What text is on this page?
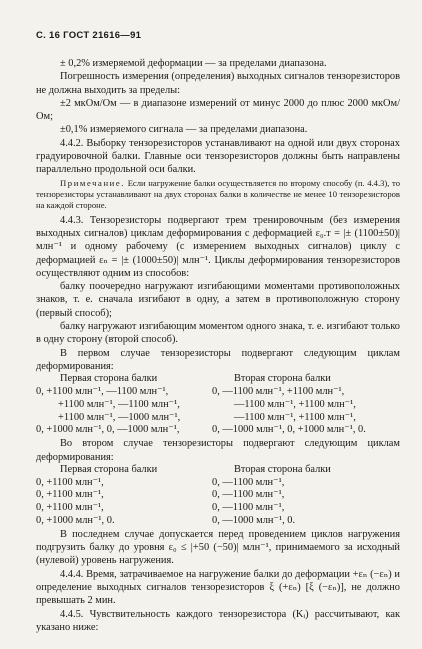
С. 16 ГОСТ 21616—91

± 0,2% измеряемой деформации — за пределами диапазона.

Погрешность измерения (определения) выходных сигналов тензорезисторов не должна выходить за пределы:

±2 мкОм/Ом — в диапазоне измерений от минус 2000 до плюс 2000 мкОм/Ом;

±0,1% измеряемого сигнала — за пределами диапазона.

4.4.2. Выборку тензорезисторов устанавливают на одной или двух сторонах градуировочной балки. Главные оси тензорезисторов должны быть направлены параллельно продольной оси балки.

Примечание. Если нагружение балки осуществляется по второму способу (п. 4.4.3), то тензорезисторы устанавливают на двух сторонах балки в количестве не менее 10 тензорезисторов на каждой стороне.

4.4.3. Тензорезисторы подвергают трем тренировочным (без измерения выходных сигналов) циклам деформирования с деформацией ε₀.т = |± (1100±50)| млн⁻¹ и одному рабочему (с измерением выходных сигналов) циклу с деформацией εₙ = |± (1000±50)| млн⁻¹. Циклы деформирования тензорезисторов осуществляют одним из способов:

балку поочередно нагружают изгибающими моментами противоположных знаков, т. е. сначала изгибают в одну, а затем в противоположную сторону (первый способ);

балку нагружают изгибающим моментом одного знака, т. е. изгибают только в одну сторону (второй способ).

В первом случае тензорезисторы подвергают следующим циклам деформирования:

Первая сторона балки
0, +1100 млн⁻¹, —1100 млн⁻¹,
+1100 млн⁻¹, —1100 млн⁻¹,
+1100 млн⁻¹, —1000 млн⁻¹,
0, +1000 млн⁻¹, 0, —1000 млн⁻¹,
Вторая сторона балки
0, —1100 млн⁻¹, +1100 млн⁻¹,
—1100 млн⁻¹, +1100 млн⁻¹,
—1100 млн⁻¹, +1100 млн⁻¹,
0, —1000 млн⁻¹, 0, +1000 млн⁻¹, 0.

Во втором случае тензорезисторы подвергают следующим циклам деформирования:

Первая сторона балки
0, +1100 млн⁻¹,
0, +1100 млн⁻¹,
0, +1100 млн⁻¹,
0, +1000 млн⁻¹, 0.
Вторая сторона балки
0, —1100 млн⁻¹,
0, —1100 млн⁻¹,
0, —1100 млн⁻¹,
0, —1000 млн⁻¹, 0.

В последнем случае допускается перед проведением циклов нагружения подгрузить балку до уровня ε₀ ≤ |+50 (−50)| млн⁻¹, принимаемого за исходный (нулевой) уровень нагружения.

4.4.4. Время, затрачиваемое на нагружение балки до деформации +εₙ (−εₙ) и определение выходных сигналов тензорезисторов ξ (+εₙ) [ξ (−εₙ)], не должно превышать 2 мин.

4.4.5. Чувствительность каждого тензорезистора (Kᵢ) рассчитывают, как указано ниже:
